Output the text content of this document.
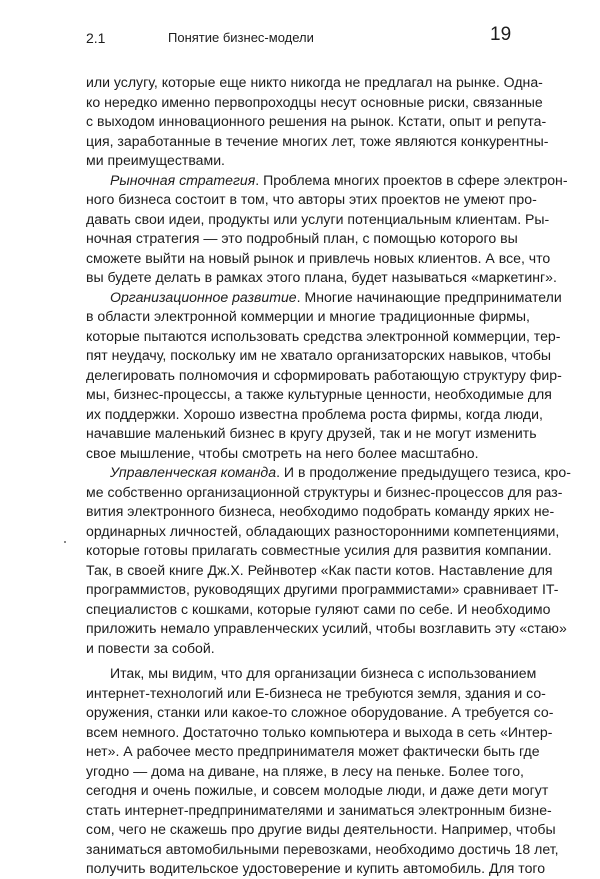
2.1	Понятие бизнес-модели	19
или услугу, которые еще никто никогда не предлагал на рынке. Одна-
ко нередко именно первопроходцы несут основные риски, связанные
с выходом инновационного решения на рынок. Кстати, опыт и репута-
ция, заработанные в течение многих лет, тоже являются конкурентны-
ми преимуществами.
Рыночная стратегия. Проблема многих проектов в сфере электрон-
ного бизнеса состоит в том, что авторы этих проектов не умеют про-
давать свои идеи, продукты или услуги потенциальным клиентам. Ры-
ночная стратегия — это подробный план, с помощью которого вы
сможете выйти на новый рынок и привлечь новых клиентов. А все, что
вы будете делать в рамках этого плана, будет называться «маркетинг».
Организационное развитие. Многие начинающие предприниматели
в области электронной коммерции и многие традиционные фирмы,
которые пытаются использовать средства электронной коммерции, тер-
пят неудачу, поскольку им не хватало организаторских навыков, чтобы
делегировать полномочия и сформировать работающую структуру фир-
мы, бизнес-процессы, а также культурные ценности, необходимые для
их поддержки. Хорошо известна проблема роста фирмы, когда люди,
начавшие маленький бизнес в кругу друзей, так и не могут изменить
свое мышление, чтобы смотреть на него более масштабно.
Управленческая команда. И в продолжение предыдущего тезиса, кро-
ме собственно организационной структуры и бизнес-процессов для раз-
вития электронного бизнеса, необходимо подобрать команду ярких не-
ординарных личностей, обладающих разносторонними компетенциями,
которые готовы прилагать совместные усилия для развития компании.
Так, в своей книге Дж.Х. Рейнвотер «Как пасти котов. Наставление для
программистов, руководящих другими программистами» сравнивает IT-
специалистов с кошками, которые гуляют сами по себе. И необходимо
приложить немало управленческих усилий, чтобы возглавить эту «стаю»
и повести за собой.
Итак, мы видим, что для организации бизнеса с использованием
интернет-технологий или Е-бизнеса не требуются земля, здания и со-
оружения, станки или какое-то сложное оборудование. А требуется со-
всем немного. Достаточно только компьютера и выхода в сеть «Интер-
нет». А рабочее место предпринимателя может фактически быть где
угодно — дома на диване, на пляже, в лесу на пеньке. Более того,
сегодня и очень пожилые, и совсем молодые люди, и даже дети могут
стать интернет-предпринимателями и заниматься электронным бизне-
сом, чего не скажешь про другие виды деятельности. Например, чтобы
заниматься автомобильными перевозками, необходимо достичь 18 лет,
получить водительское удостоверение и купить автомобиль. Для того
